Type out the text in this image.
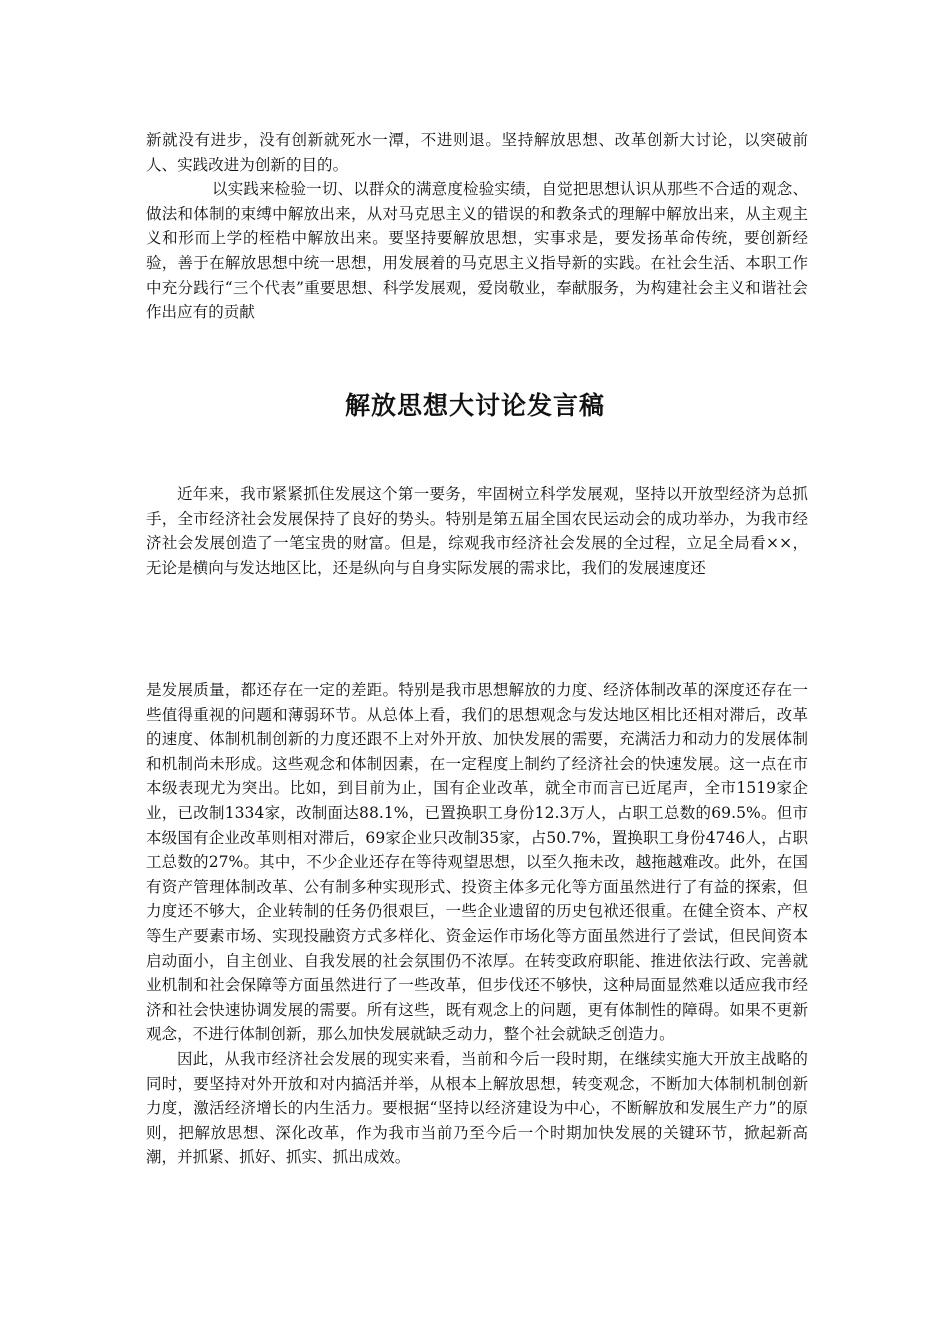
新就没有进步，没有创新就死水一潭，不进则退。坚持解放思想、改革创新大讨论，以突破前人、实践改进为创新的目的。

以实践来检验一切、以群众的满意度检验实绩，自觉把思想认识从那些不合适的观念、做法和体制的束缚中解放出来，从对马克思主义的错误的和教条式的理解中解放出来，从主观主义和形而上学的桎梏中解放出来。要坚持要解放思想，实事求是，要发扬革命传统，要创新经验，善于在解放思想中统一思想，用发展着的马克思主义指导新的实践。在社会生活、本职工作中充分践行“三个代表”重要思想、科学发展观，爱岗敬业，奉献服务，为构建社会主义和谐社会作出应有的贡献

解放思想大讨论发言稿

近年来，我市紧紧抓住发展这个第一要务，牢固树立科学发展观，坚持以开放型经济为总抓手，全市经济社会发展保持了良好的势头。特别是第五届全国农民运动会的成功举办，为我市经济社会发展创造了一笔宝贵的财富。但是，综观我市经济社会发展的全过程，立足全局看××，无论是横向与发达地区比，还是纵向与自身实际发展的需求比，我们的发展速度还

是发展质量，都还存在一定的差距。特别是我市思想解放的力度、经济体制改革的深度还存在一些值得重视的问题和薄弱环节。从总体上看，我们的思想观念与发达地区相比还相对滞后，改革的速度、体制机制创新的力度还跟不上对外开放、加快发展的需要，充满活力和动力的发展体制和机制尚未形成。这些观念和体制因素，在一定程度上制约了经济社会的快速发展。这一点在市本级表现尤为突出。比如，到目前为止，国有企业改革，就全市而言已近尾声，全市1519家企业，已改制1334家，改制面达88.1%，已置换职工身份12.3万人，占职工总数的69.5%。但市本级国有企业改革则相对滞后，69家企业只改制35家，占50.7%，置换职工身份4746人，占职工总数的27%。其中，不少企业还存在等待观望思想，以至久拖未改，越拖越难改。此外，在国有资产管理体制改革、公有制多种实现形式、投资主体多元化等方面虽然进行了有益的探索，但力度还不够大，企业转制的任务仍很艰巨，一些企业遗留的历史包袱还很重。在健全资本、产权等生产要素市场、实现投融资方式多样化、资金运作市场化等方面虽然进行了尝试，但民间资本启动面小，自主创业、自我发展的社会氛围仍不浓厚。在转变政府职能、推进依法行政、完善就业机制和社会保障等方面虽然进行了一些改革，但步伐还不够快，这种局面显然难以适应我市经济和社会快速协调发展的需要。所有这些，既有观念上的问题，更有体制性的障碍。如果不更新观念，不进行体制创新，那么加快发展就缺乏动力，整个社会就缺乏创造力。

因此，从我市经济社会发展的现实来看，当前和今后一段时期，在继续实施大开放主战略的同时，要坚持对外开放和对内搞活并举，从根本上解放思想，转变观念，不断加大体制机制创新力度，激活经济增长的内生活力。要根据“坚持以经济建设为中心，不断解放和发展生产力”的原则，把解放思想、深化改革，作为我市当前乃至今后一个时期加快发展的关键环节，掀起新高潮，并抓紧、抓好、抓实、抓出成效。
